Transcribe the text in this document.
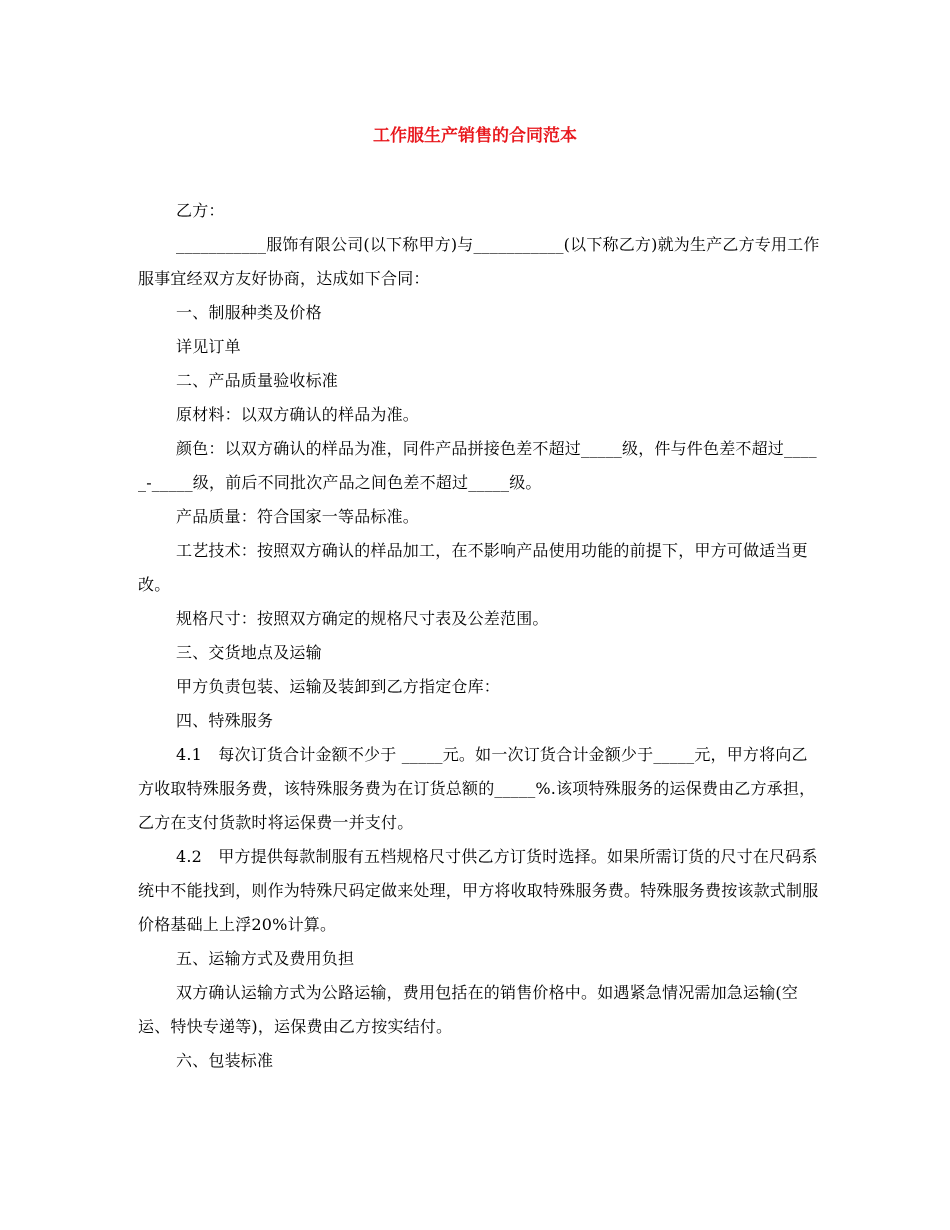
工作服生产销售的合同范本

乙方：

___________服饰有限公司(以下称甲方)与___________(以下称乙方)就为生产乙方专用工作服事宜经双方友好协商，达成如下合同：

一、制服种类及价格

详见订单

二、产品质量验收标准

原材料：以双方确认的样品为准。

颜色：以双方确认的样品为准，同件产品拼接色差不超过_____级，件与件色差不超过_____-_____级，前后不同批次产品之间色差不超过_____级。

产品质量：符合国家一等品标准。

工艺技术：按照双方确认的样品加工，在不影响产品使用功能的前提下，甲方可做适当更改。

规格尺寸：按照双方确定的规格尺寸表及公差范围。

三、交货地点及运输

甲方负责包装、运输及装卸到乙方指定仓库：

四、特殊服务

4.1　每次订货合计金额不少于 _____元。如一次订货合计金额少于_____元，甲方将向乙方收取特殊服务费，该特殊服务费为在订货总额的_____%.该项特殊服务的运保费由乙方承担，乙方在支付货款时将运保费一并支付。

4.2　甲方提供每款制服有五档规格尺寸供乙方订货时选择。如果所需订货的尺寸在尺码系统中不能找到，则作为特殊尺码定做来处理，甲方将收取特殊服务费。特殊服务费按该款式制服价格基础上上浮20%计算。

五、运输方式及费用负担

双方确认运输方式为公路运输，费用包括在的销售价格中。如遇紧急情况需加急运输(空运、特快专递等)，运保费由乙方按实结付。

六、包装标准
